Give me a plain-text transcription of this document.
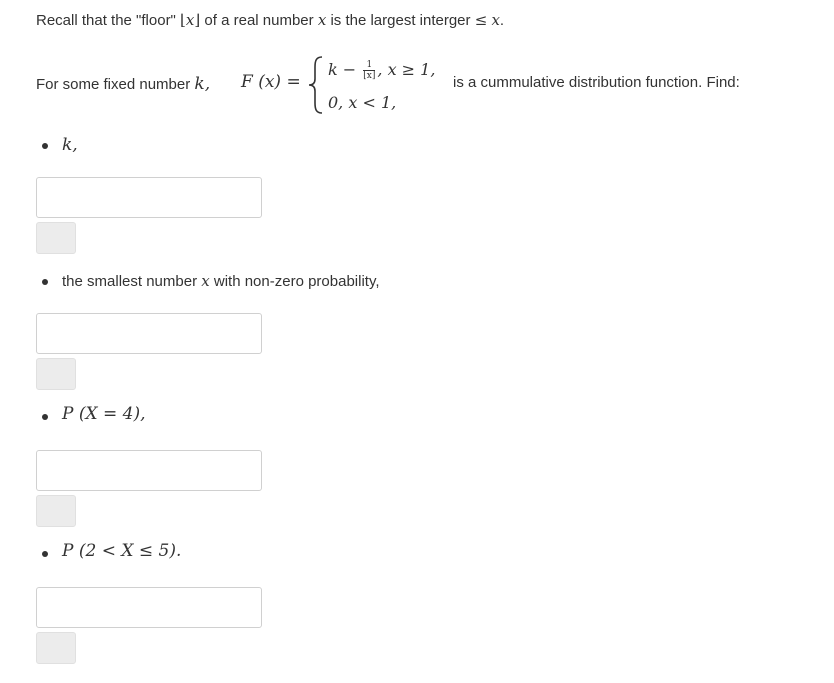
Recall that the "floor" ⌊x⌋ of a real number x is the largest interger ≤ x.
For some fixed number k, F (x) =
$k - \frac{1}{⌊x⌋}$ , x ≥ 1,
0, x < 1,
is a cummulative distribution function. Find:
k,
the smallest number x with non-zero probability,
P (X = 4),
P (2 < X ≤ 5).
